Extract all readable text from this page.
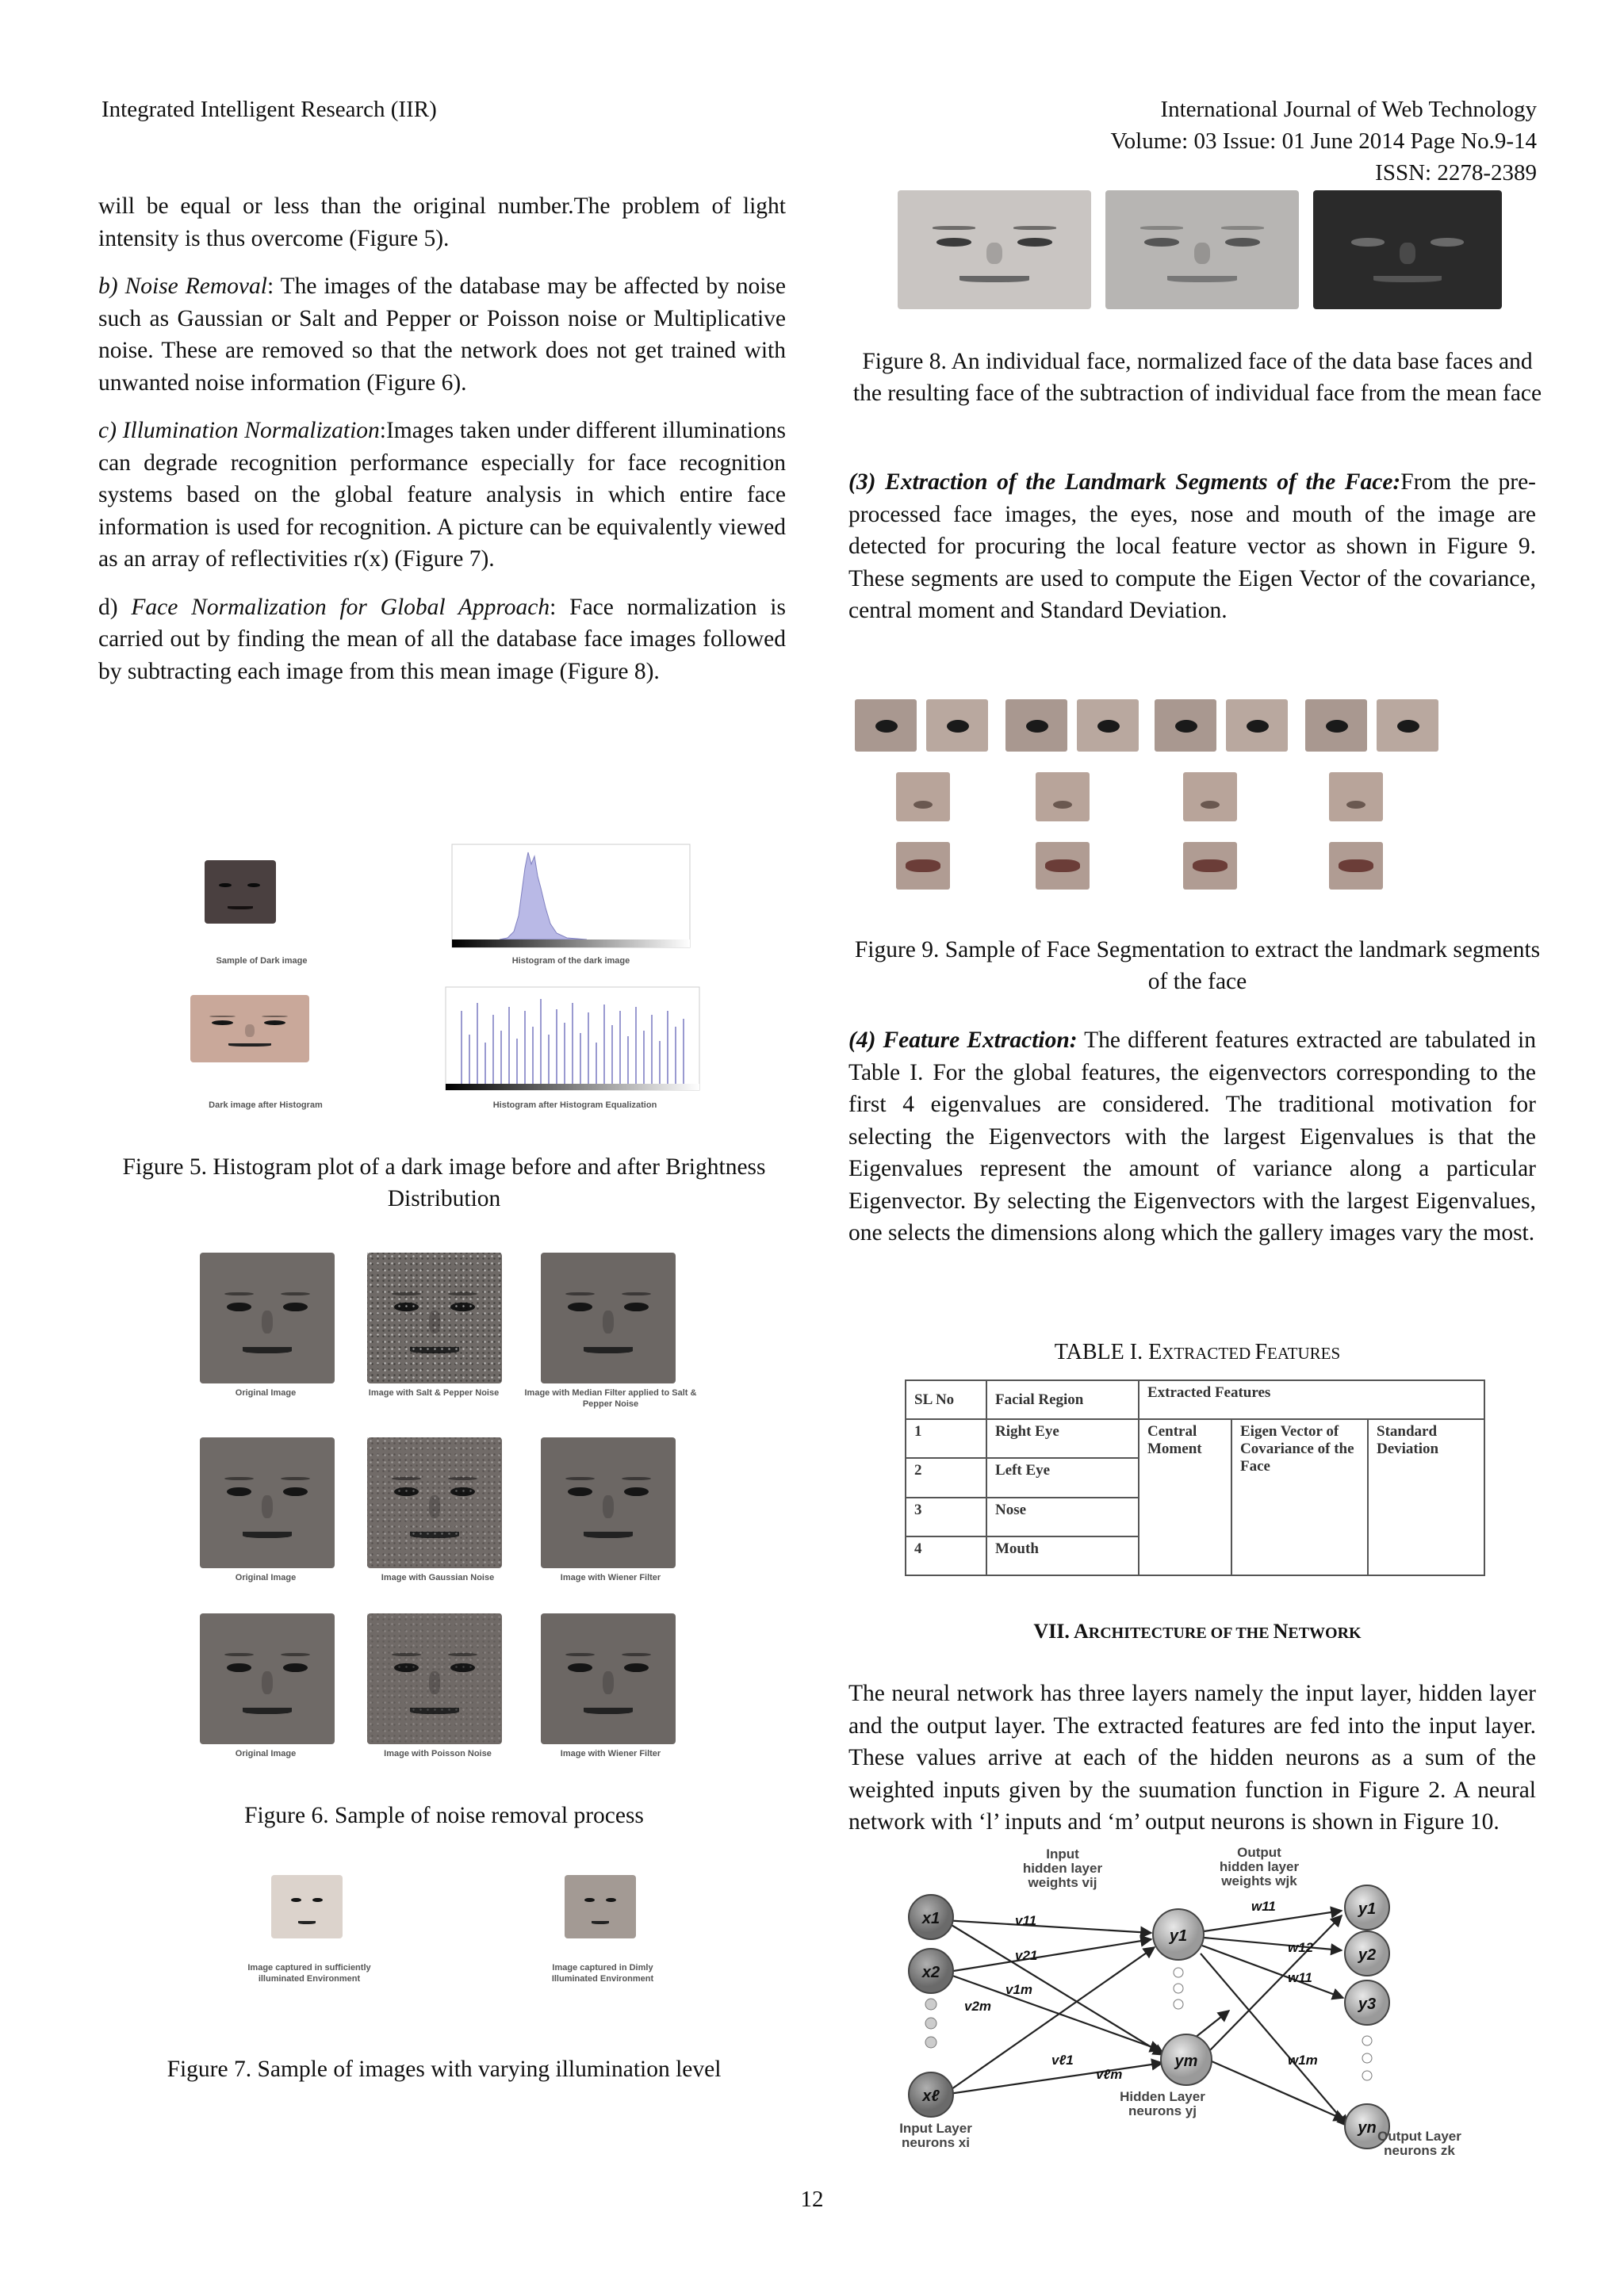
Integrated Intelligent Research (IIR)	International Journal of Web Technology
Volume: 03 Issue: 01 June 2014 Page No.9-14
ISSN: 2278-2389

will be equal or less than the original number.The problem of light intensity is thus overcome (Figure 5).

b) Noise Removal: The images of the database may be affected by noise such as Gaussian or Salt and Pepper or Poisson noise or Multiplicative noise. These are removed so that the network does not get trained with unwanted noise information (Figure 6).

c) Illumination Normalization:Images taken under different illuminations can degrade recognition performance especially for face recognition systems based on the global feature analysis in which entire face information is used for recognition. A picture can be equivalently viewed as an array of reflectivities r(x) (Figure 7).

d) Face Normalization for Global Approach: Face normalization is carried out by finding the mean of all the database face images followed by subtracting each image from this mean image (Figure 8).

Sample of Dark image	Histogram of the dark image
Dark image after Histogram	Histogram after Histogram Equalization
Figure 5. Histogram plot of a dark image before and after Brightness Distribution
Original Image	Image with Salt & Pepper Noise	Image with Median Filter applied to Salt & Pepper Noise
Original Image	Image with Gaussian Noise	Image with Wiener Filter
Original Image	Image with Poisson Noise	Image with Wiener Filter
Figure 6. Sample of noise removal process
Image captured in sufficiently illuminated Environment
Image captured in Dimly Illuminated Environment
Figure 7. Sample of images with varying illumination level
Figure 8. An individual face, normalized face of the data base faces and the resulting face of the subtraction of individual face from the mean face

(3) Extraction of the Landmark Segments of the Face:From the pre-processed face images, the eyes, nose and mouth of the image are detected for procuring the local feature vector as shown in Figure 9. These segments are used to compute the Eigen Vector of the covariance, central moment and Standard Deviation.

Figure 9. Sample of Face Segmentation to extract the landmark segments of the face

(4) Feature Extraction: The different features extracted are tabulated in Table I. For the global features, the eigenvectors corresponding to the first 4 eigenvalues are considered. The traditional motivation for selecting the Eigenvectors with the largest Eigenvalues is that the Eigenvalues represent the amount of variance along a particular Eigenvector. By selecting the Eigenvectors with the largest Eigenvalues, one selects the dimensions along which the gallery images vary the most.

TABLE I. EXTRACTED FEATURES
SL No	Facial Region	Extracted Features		
		Central Moment	Eigen Vector of Covariance of the Face	Standard Deviation
1	Right Eye			
2	Left Eye			
3	Nose			
4	Mouth			
VII. ARCHITECTURE OF THE NETWORK

The neural network has three layers namely the input layer, hidden layer and the output layer. The extracted features are fed into the input layer. These values arrive at each of the hidden neurons as a sum of the weighted inputs given by the suumation function in Figure 2. A neural network with ‘l’ inputs and ‘m’ output neurons is shown in Figure 10.

x1
x2
xℓ
y1
ym
y1
y2
y3
yn
v11
v21
v1m
v2m
vℓ1
vℓm
w11
w12
w11
w1m
Input
hidden layer
weights vij
Output
hidden layer
weights wjk
Input Layer
neurons xi
Hidden Layer
neurons yj
Output Layer
neurons zk
12
